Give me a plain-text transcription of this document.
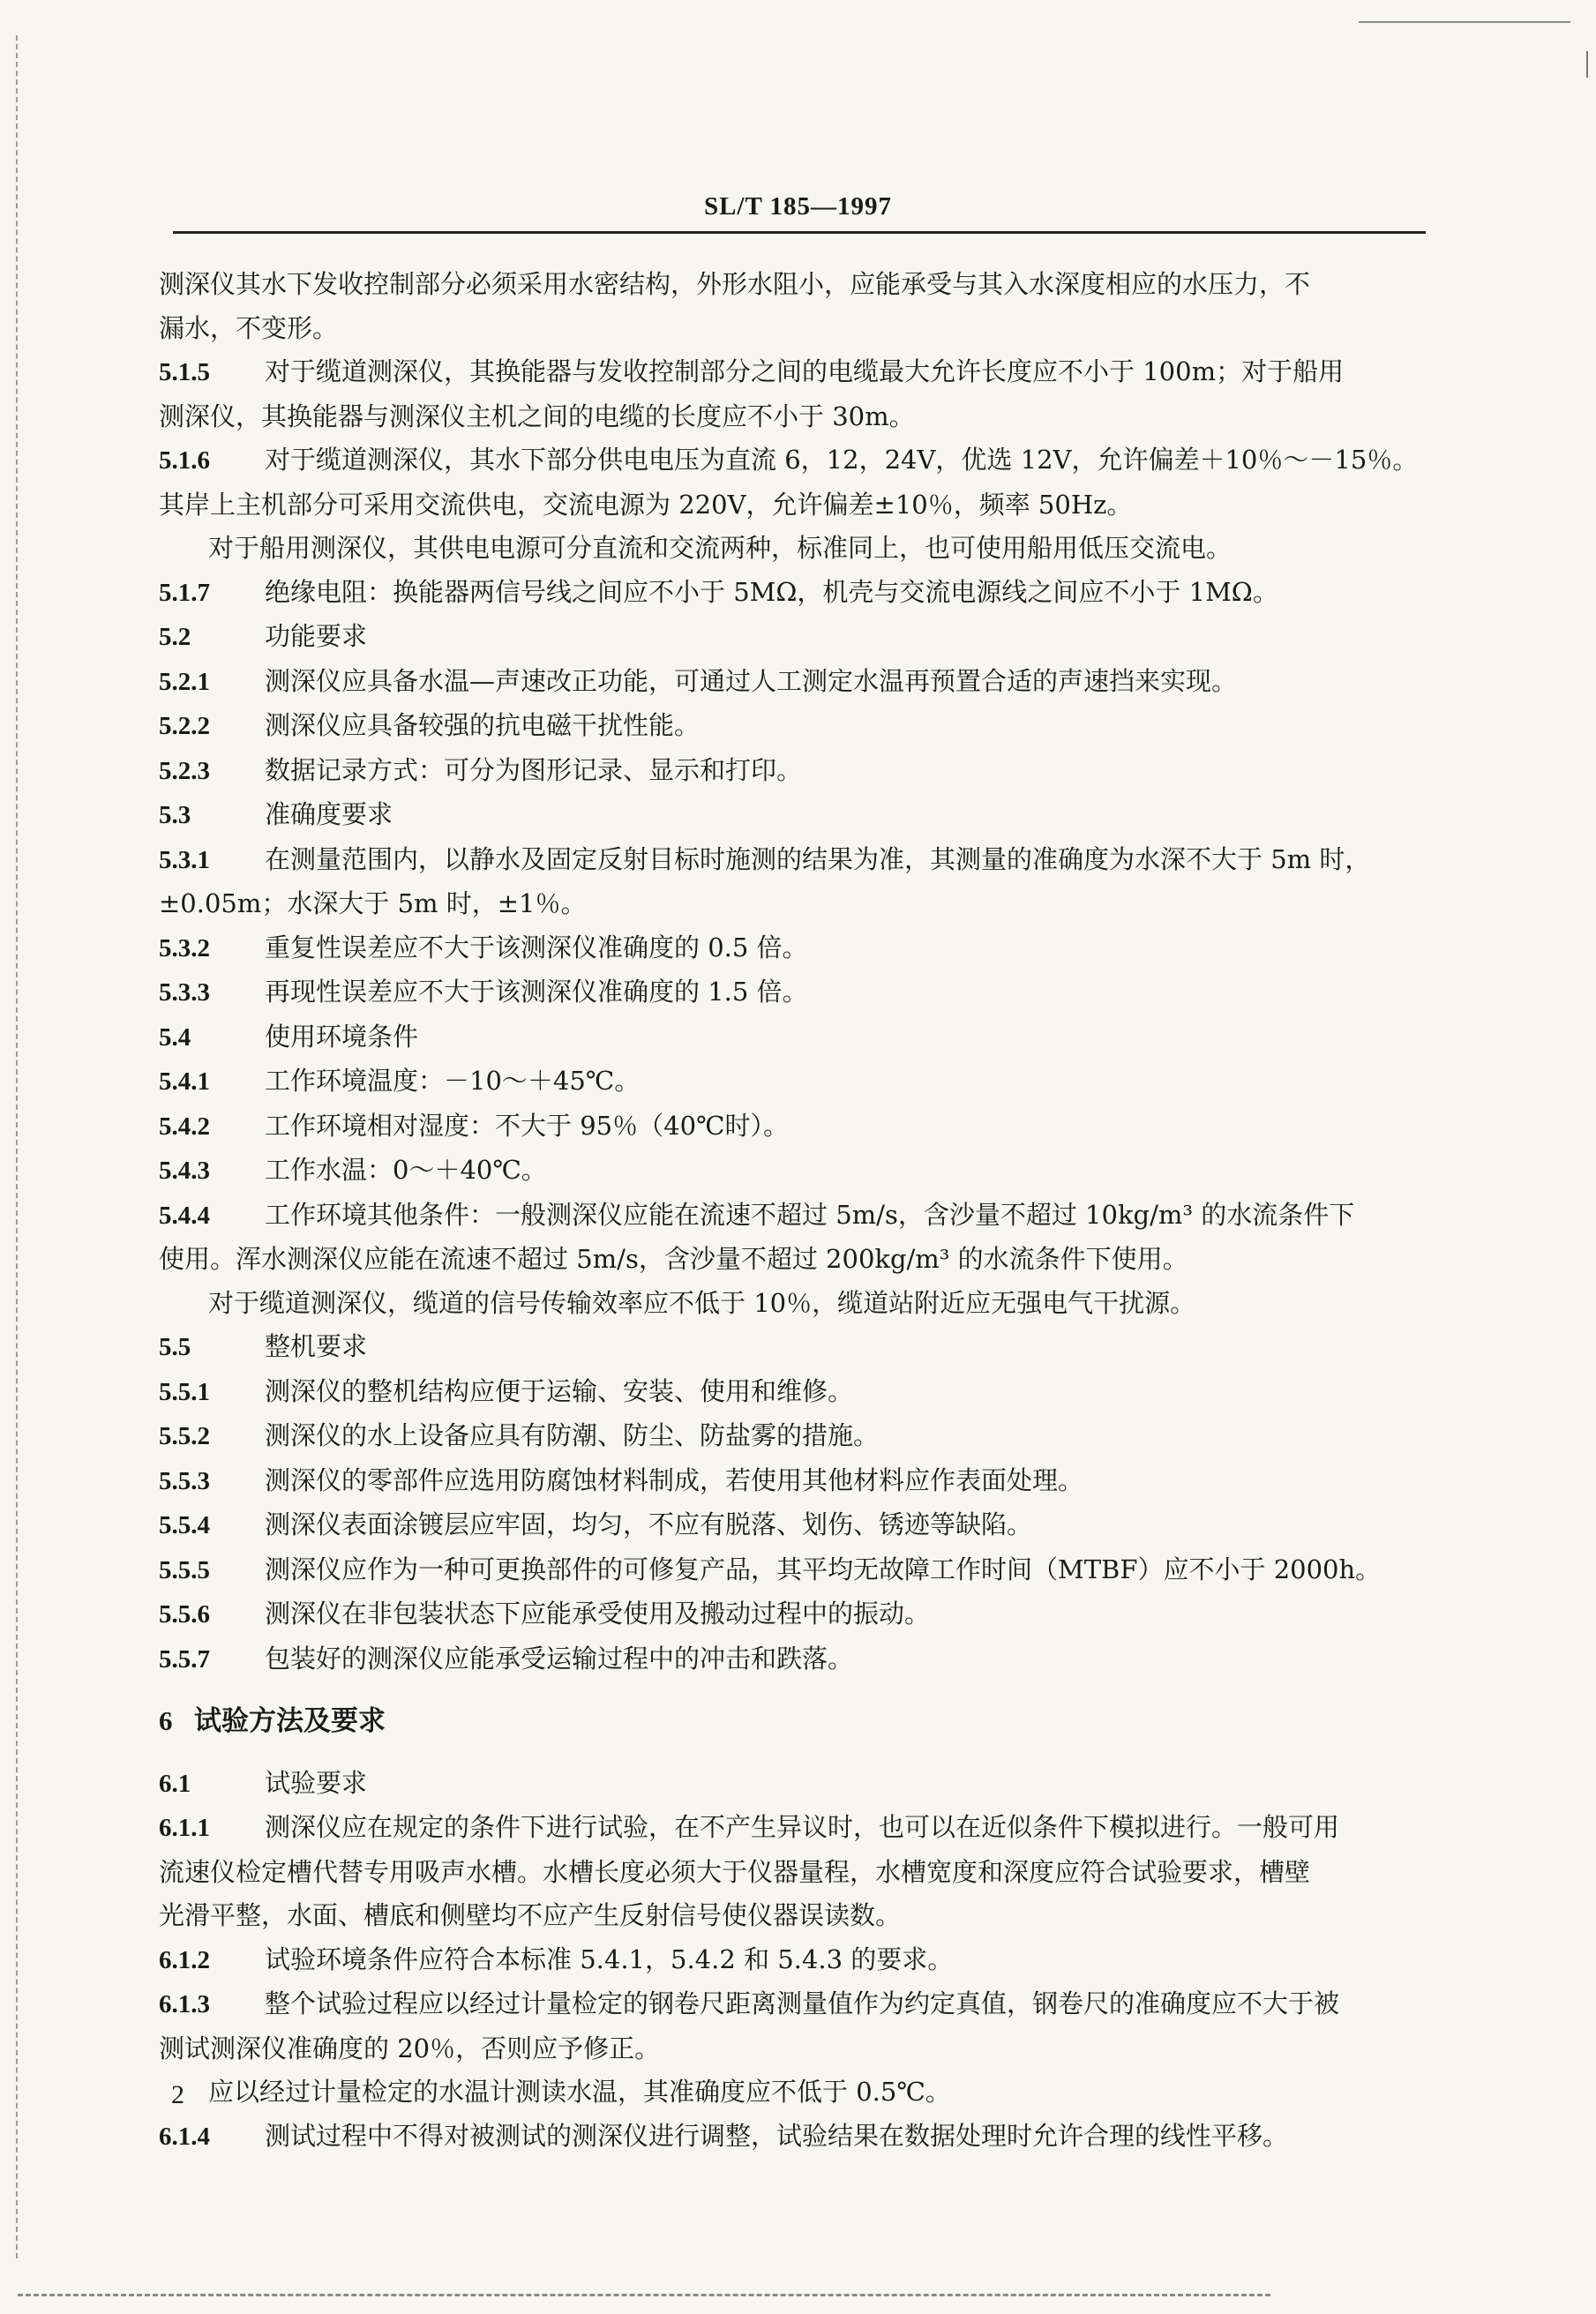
SL/T 185—1997

测深仪其水下发收控制部分必须采用水密结构，外形水阻小，应能承受与其入水深度相应的水压力，不

漏水，不变形。

5.1.5 对于缆道测深仪，其换能器与发收控制部分之间的电缆最大允许长度应不小于 100m；对于船用

测深仪，其换能器与测深仪主机之间的电缆的长度应不小于 30m。

5.1.6 对于缆道测深仪，其水下部分供电电压为直流 6，12，24V，优选 12V，允许偏差＋10％～－15％。

其岸上主机部分可采用交流供电，交流电源为 220V，允许偏差±10％，频率 50Hz。

对于船用测深仪，其供电电源可分直流和交流两种，标准同上，也可使用船用低压交流电。

5.1.7 绝缘电阻：换能器两信号线之间应不小于 5MΩ，机壳与交流电源线之间应不小于 1MΩ。

5.2	功能要求

5.2.1 测深仪应具备水温—声速改正功能，可通过人工测定水温再预置合适的声速挡来实现。

5.2.2 测深仪应具备较强的抗电磁干扰性能。

5.2.3 数据记录方式：可分为图形记录、显示和打印。

5.3	准确度要求

5.3.1 在测量范围内，以静水及固定反射目标时施测的结果为准，其测量的准确度为水深不大于 5m 时，

±0.05m；水深大于 5m 时，±1％。

5.3.2 重复性误差应不大于该测深仪准确度的 0.5 倍。

5.3.3 再现性误差应不大于该测深仪准确度的 1.5 倍。

5.4	使用环境条件

5.4.1 工作环境温度：－10～＋45℃。

5.4.2 工作环境相对湿度：不大于 95％（40℃时）。

5.4.3 工作水温：0～＋40℃。

5.4.4 工作环境其他条件：一般测深仪应能在流速不超过 5m/s，含沙量不超过 10kg/m³ 的水流条件下

使用。浑水测深仪应能在流速不超过 5m/s，含沙量不超过 200kg/m³ 的水流条件下使用。

对于缆道测深仪，缆道的信号传输效率应不低于 10％，缆道站附近应无强电气干扰源。

5.5	整机要求

5.5.1 测深仪的整机结构应便于运输、安装、使用和维修。

5.5.2 测深仪的水上设备应具有防潮、防尘、防盐雾的措施。

5.5.3 测深仪的零部件应选用防腐蚀材料制成，若使用其他材料应作表面处理。

5.5.4 测深仪表面涂镀层应牢固，均匀，不应有脱落、划伤、锈迹等缺陷。

5.5.5 测深仪应作为一种可更换部件的可修复产品，其平均无故障工作时间（MTBF）应不小于 2000h。

5.5.6 测深仪在非包装状态下应能承受使用及搬动过程中的振动。

5.5.7 包装好的测深仪应能承受运输过程中的冲击和跌落。

6 试验方法及要求

6.1	试验要求

6.1.1 测深仪应在规定的条件下进行试验，在不产生异议时，也可以在近似条件下模拟进行。一般可用

流速仪检定槽代替专用吸声水槽。水槽长度必须大于仪器量程，水槽宽度和深度应符合试验要求，槽壁

光滑平整，水面、槽底和侧壁均不应产生反射信号使仪器误读数。

6.1.2 试验环境条件应符合本标准 5.4.1，5.4.2 和 5.4.3 的要求。

6.1.3 整个试验过程应以经过计量检定的钢卷尺距离测量值作为约定真值，钢卷尺的准确度应不大于被

测试测深仪准确度的 20％，否则应予修正。

应以经过计量检定的水温计测读水温，其准确度应不低于 0.5℃。

6.1.4 测试过程中不得对被测试的测深仪进行调整，试验结果在数据处理时允许合理的线性平移。

2
